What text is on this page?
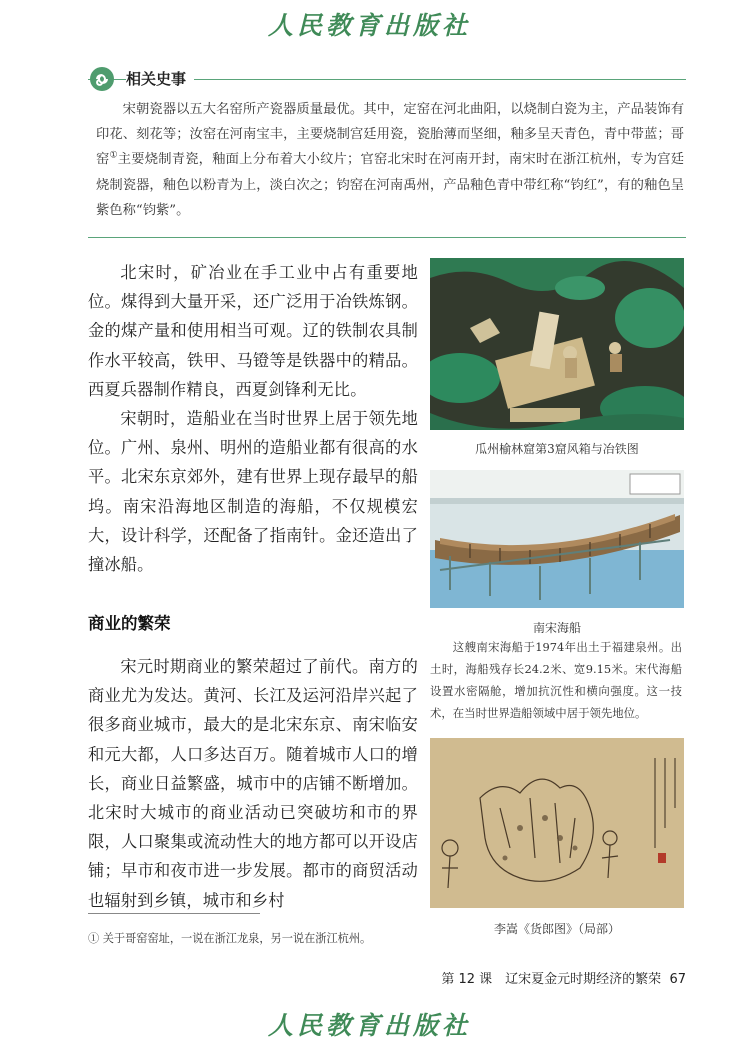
人民教育出版社
相关史事

宋朝瓷器以五大名窑所产瓷器质量最优。其中，定窑在河北曲阳，以烧制白瓷为主，产品装饰有印花、刻花等；汝窑在河南宝丰，主要烧制宫廷用瓷，瓷胎薄而坚细，釉多呈天青色，青中带蓝；哥窑①主要烧制青瓷，釉面上分布着大小纹片；官窑北宋时在河南开封，南宋时在浙江杭州，专为宫廷烧制瓷器，釉色以粉青为上，淡白次之；钧窑在河南禹州，产品釉色青中带红称“钧红”，有的釉色呈紫色称“钧紫”。

北宋时，矿冶业在手工业中占有重要地位。煤得到大量开采，还广泛用于冶铁炼钢。金的煤产量和使用相当可观。辽的铁制农具制作水平较高，铁甲、马镫等是铁器中的精品。西夏兵器制作精良，西夏剑锋利无比。

宋朝时，造船业在当时世界上居于领先地位。广州、泉州、明州的造船业都有很高的水平。北宋东京郊外，建有世界上现存最早的船坞。南宋沿海地区制造的海船，不仅规模宏大，设计科学，还配备了指南针。金还造出了撞冰船。

商业的繁荣

宋元时期商业的繁荣超过了前代。南方的商业尤为发达。黄河、长江及运河沿岸兴起了很多商业城市，最大的是北宋东京、南宋临安和元大都，人口多达百万。随着城市人口的增长，商业日益繁盛，城市中的店铺不断增加。北宋时大城市的商业活动已突破坊和市的界限，人口聚集或流动性大的地方都可以开设店铺；早市和夜市进一步发展。都市的商贸活动也辐射到乡镇，城市和乡村

瓜州榆林窟第3窟风箱与冶铁图
南宋海船

这艘南宋海船于1974年出土于福建泉州。出土时，海船残存长24.2米、宽9.15米。宋代海船设置水密隔舱，增加抗沉性和横向强度。这一技术，在当时世界造船领域中居于领先地位。

李嵩《货郎图》（局部）
① 关于哥窑窑址，一说在浙江龙泉，另一说在浙江杭州。
第 12 课　辽宋夏金元时期经济的繁荣 67
人民教育出版社
